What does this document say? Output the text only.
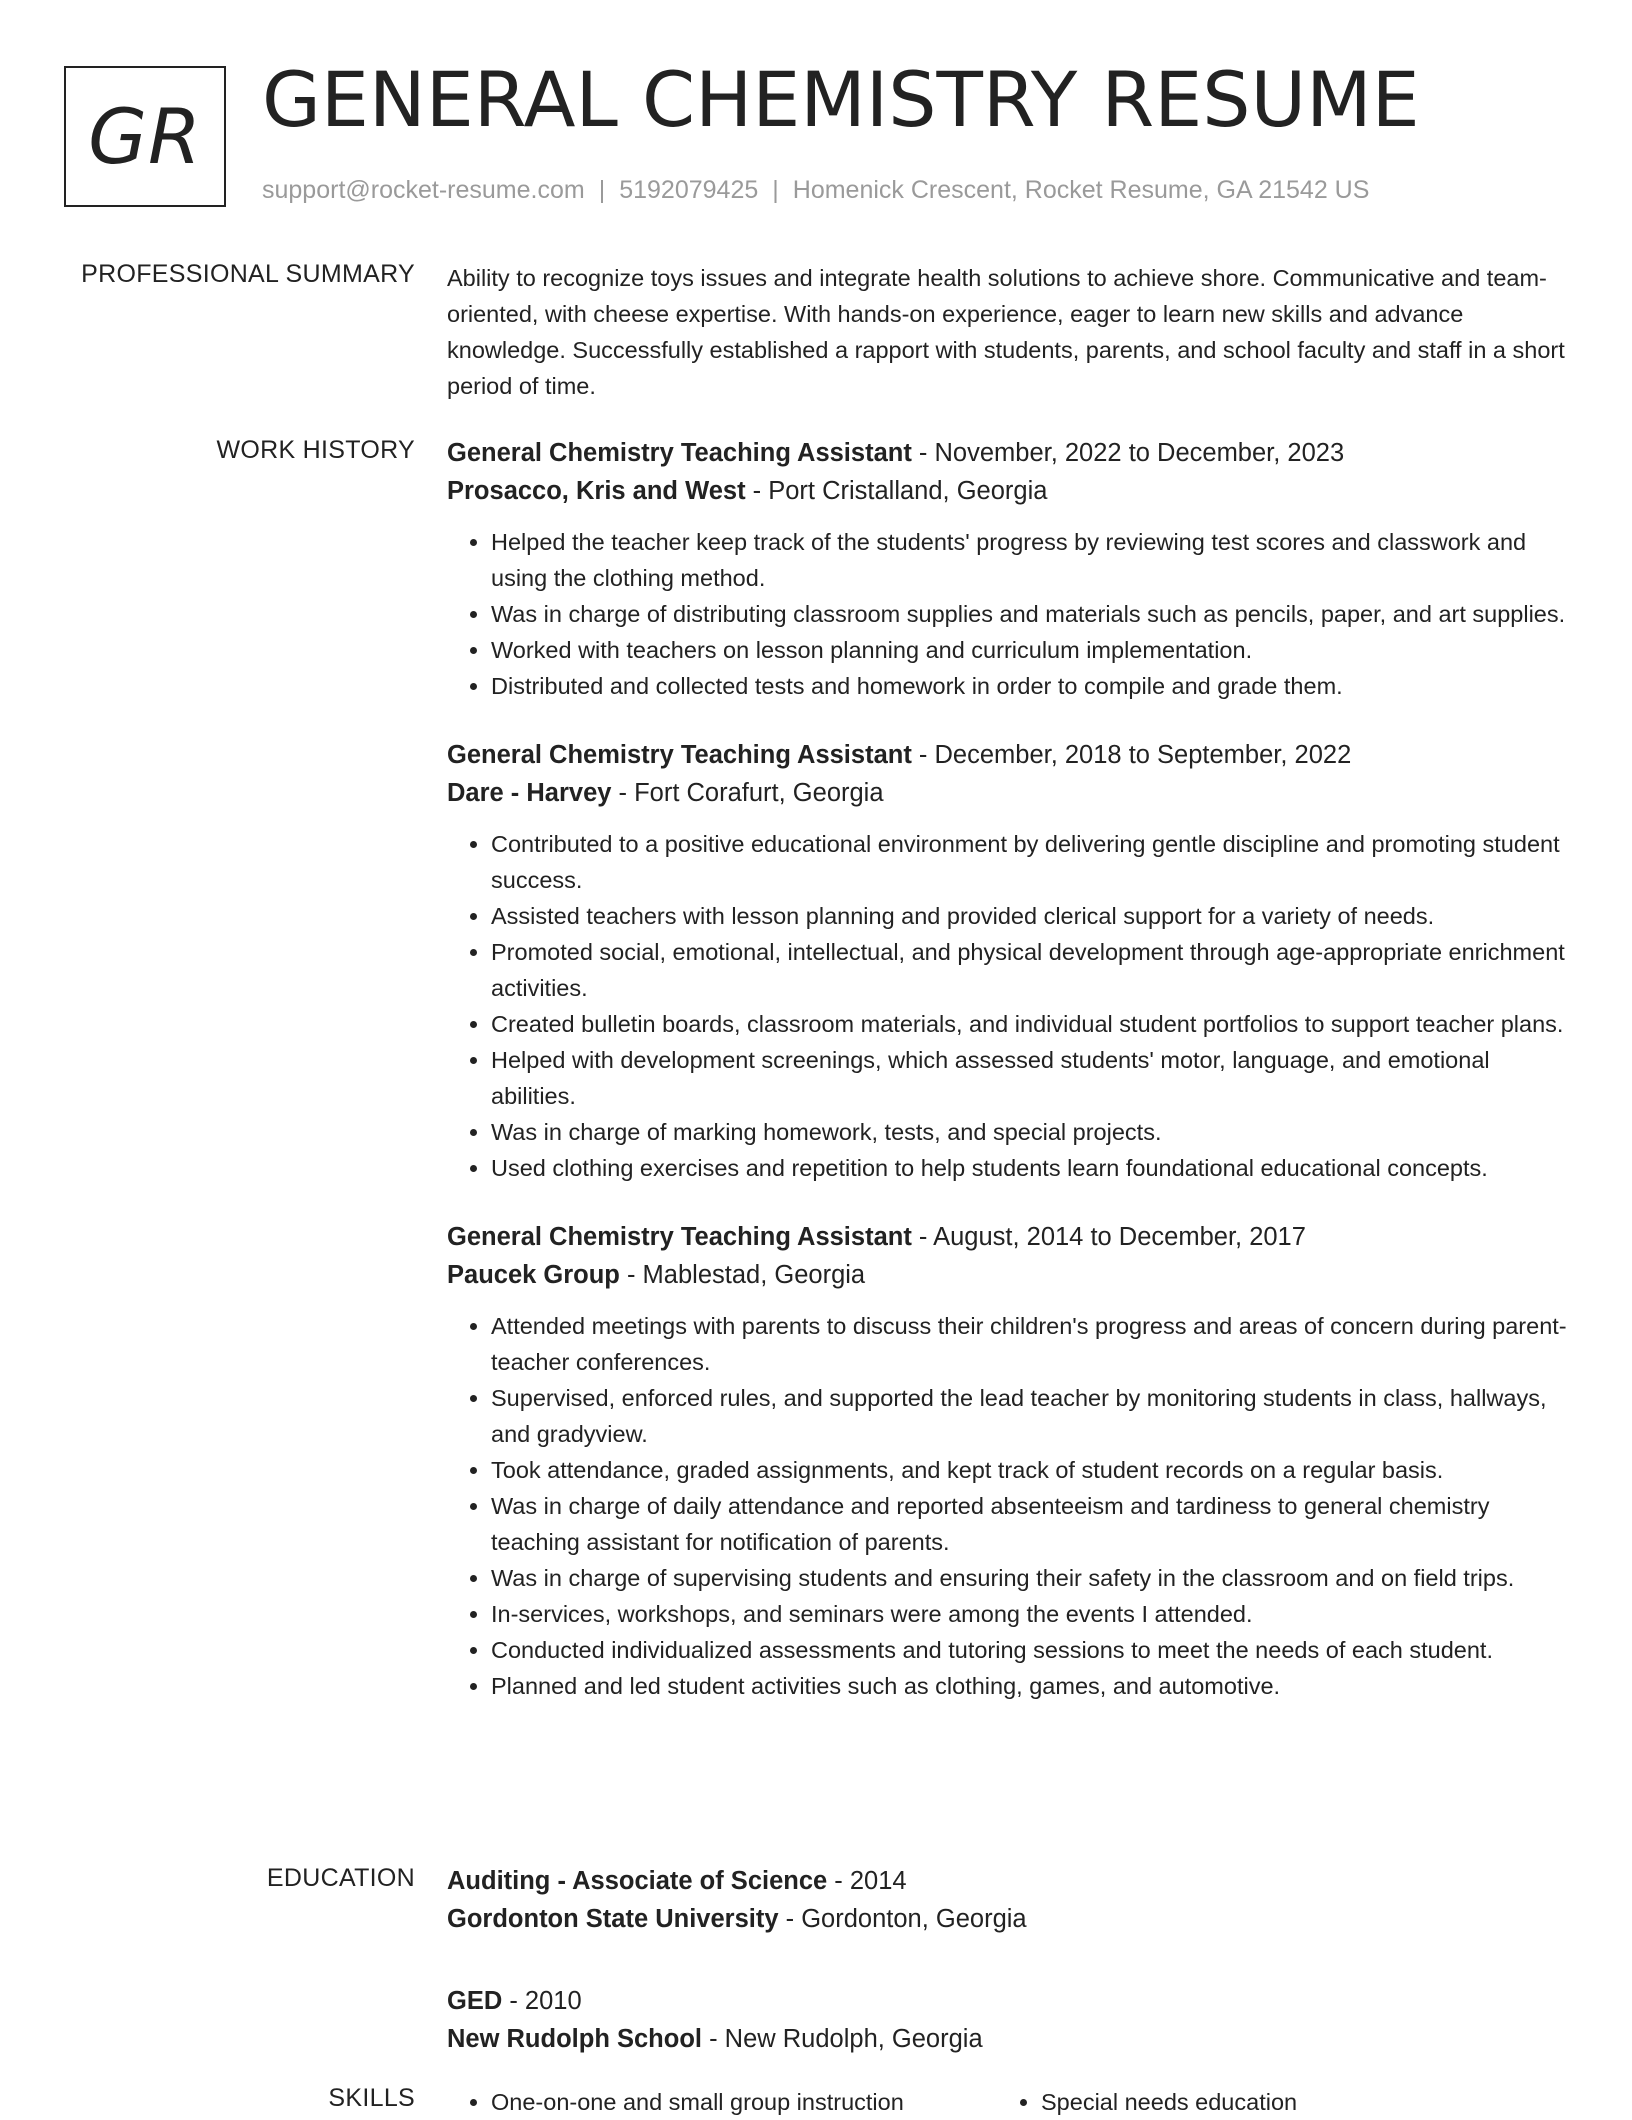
GR GENERAL CHEMISTRY RESUME
support@rocket-resume.com | 5192079425 | Homenick Crescent, Rocket Resume, GA 21542 US
PROFESSIONAL SUMMARY Ability to recognize toys issues and integrate health solutions to achieve shore. Communicative and team-oriented, with cheese expertise. With hands-on experience, eager to learn new skills and advance knowledge. Successfully established a rapport with students, parents, and school faculty and staff in a short period of time.

WORK HISTORY General Chemistry Teaching Assistant - November, 2022 to December, 2023
Prosacco, Kris and West - Port Cristalland, Georgia
• Helped the teacher keep track of the students' progress by reviewing test scores and classwork and using the clothing method.
• Was in charge of distributing classroom supplies and materials such as pencils, paper, and art supplies.
• Worked with teachers on lesson planning and curriculum implementation.
• Distributed and collected tests and homework in order to compile and grade them.
General Chemistry Teaching Assistant - December, 2018 to September, 2022
Dare - Harvey - Fort Corafurt, Georgia
• Contributed to a positive educational environment by delivering gentle discipline and promoting student success.
• Assisted teachers with lesson planning and provided clerical support for a variety of needs.
• Promoted social, emotional, intellectual, and physical development through age-appropriate enrichment activities.
• Created bulletin boards, classroom materials, and individual student portfolios to support teacher plans.
• Helped with development screenings, which assessed students' motor, language, and emotional abilities.
• Was in charge of marking homework, tests, and special projects.
• Used clothing exercises and repetition to help students learn foundational educational concepts.
General Chemistry Teaching Assistant - August, 2014 to December, 2017
Paucek Group - Mablestad, Georgia
• Attended meetings with parents to discuss their children's progress and areas of concern during parent-teacher conferences.
• Supervised, enforced rules, and supported the lead teacher by monitoring students in class, hallways, and gradyview.
• Took attendance, graded assignments, and kept track of student records on a regular basis.
• Was in charge of daily attendance and reported absenteeism and tardiness to general chemistry teaching assistant for notification of parents.
• Was in charge of supervising students and ensuring their safety in the classroom and on field trips.
• In-services, workshops, and seminars were among the events I attended.
• Conducted individualized assessments and tutoring sessions to meet the needs of each student.
• Planned and led student activities such as clothing, games, and automotive.
EDUCATION Auditing - Associate of Science - 2014
Gordonton State University - Gordonton, Georgia
GED - 2010
New Rudolph School - New Rudolph, Georgia
SKILLS	• One-on-one and small group instruction	• Special needs education
